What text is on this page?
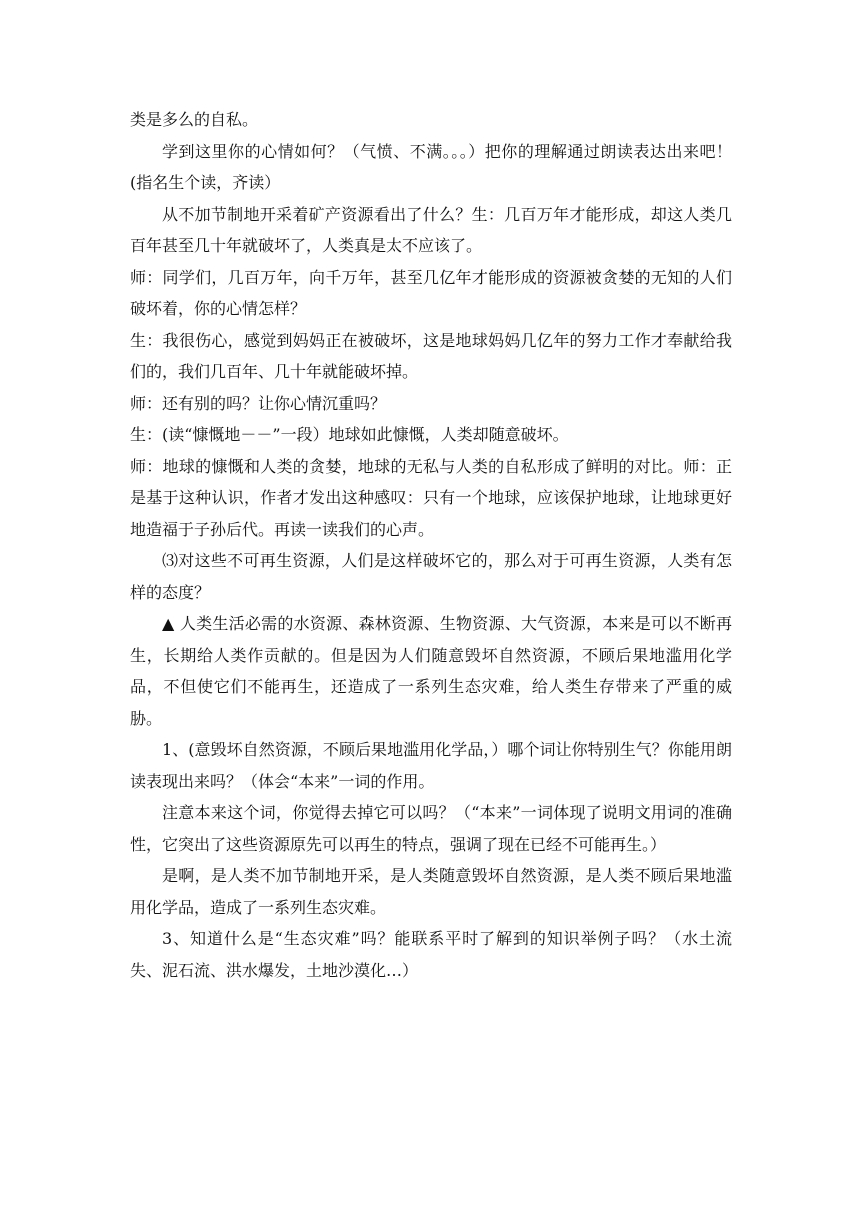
类是多么的自私。

学到这里你的心情如何？（气愤、不满。。。）把你的理解通过朗读表达出来吧！(指名生个读，齐读）

从不加节制地开采着矿产资源看出了什么？生：几百万年才能形成，却这人类几百年甚至几十年就破坏了，人类真是太不应该了。

师：同学们，几百万年，向千万年，甚至几亿年才能形成的资源被贪婪的无知的人们破坏着，你的心情怎样？

生：我很伤心，感觉到妈妈正在被破坏，这是地球妈妈几亿年的努力工作才奉献给我们的，我们几百年、几十年就能破坏掉。

师：还有别的吗？让你心情沉重吗？

生：(读“慷慨地－－”一段）地球如此慷慨，人类却随意破坏。

师：地球的慷慨和人类的贪婪，地球的无私与人类的自私形成了鲜明的对比。师：正是基于这种认识，作者才发出这种感叹：只有一个地球，应该保护地球，让地球更好地造福于子孙后代。再读一读我们的心声。

⑶对这些不可再生资源，人们是这样破坏它的，那么对于可再生资源，人类有怎样的态度？

▲ 人类生活必需的水资源、森林资源、生物资源、大气资源，本来是可以不断再生，长期给人类作贡献的。但是因为人们随意毁坏自然资源，不顾后果地滥用化学品，不但使它们不能再生，还造成了一系列生态灾难，给人类生存带来了严重的威胁。

1、(意毁坏自然资源，不顾后果地滥用化学品，）哪个词让你特别生气？你能用朗读表现出来吗？（体会“本来”一词的作用。

注意本来这个词，你觉得去掉它可以吗？（“本来”一词体现了说明文用词的准确性，它突出了这些资源原先可以再生的特点，强调了现在已经不可能再生。）

是啊，是人类不加节制地开采，是人类随意毁坏自然资源，是人类不顾后果地滥用化学品，造成了一系列生态灾难。

3、知道什么是“生态灾难”吗？能联系平时了解到的知识举例子吗？（水土流失、泥石流、洪水爆发，土地沙漠化…）
